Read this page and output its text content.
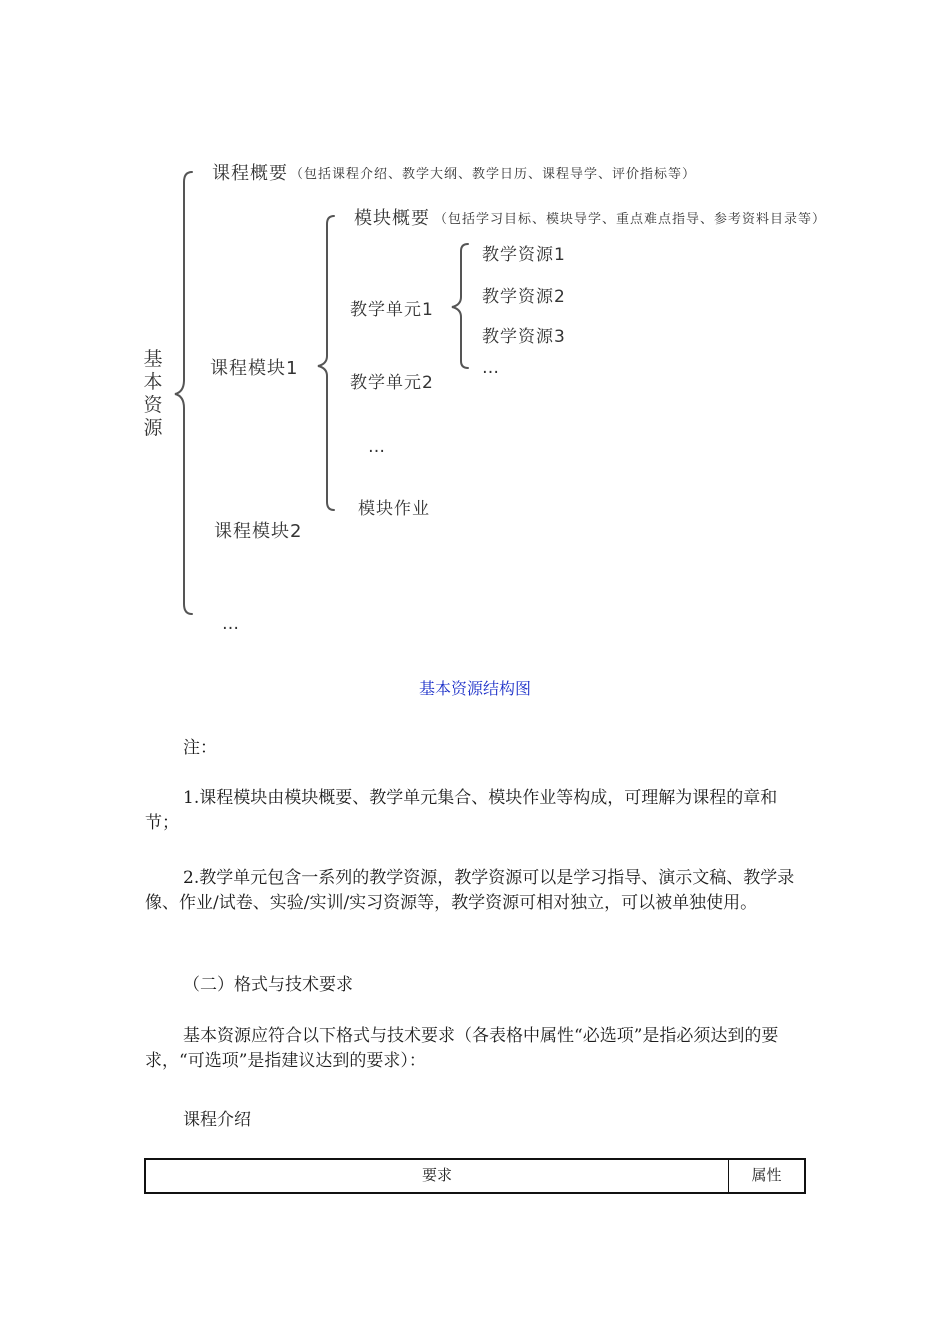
基本资源
课程概要 （包括课程介绍、教学大纲、教学日历、课程导学、评价指标等）
课程模块1
模块概要 （包括学习目标、模块导学、重点难点指导、参考资料目录等）
教学单元1
教学单元2
…
模块作业
教学资源1
教学资源2
教学资源3
…
课程模块2
…
基本资源结构图
注：

1.课程模块由模块概要、教学单元集合、模块作业等构成，可理解为课程的章和节；

2.教学单元包含一系列的教学资源，教学资源可以是学习指导、演示文稿、教学录像、作业/试卷、实验/实训/实习资源等，教学资源可相对独立，可以被单独使用。

（二）格式与技术要求

基本资源应符合以下格式与技术要求（各表格中属性“必选项”是指必须达到的要求，“可选项”是指建议达到的要求）：

课程介绍
要求	属性
